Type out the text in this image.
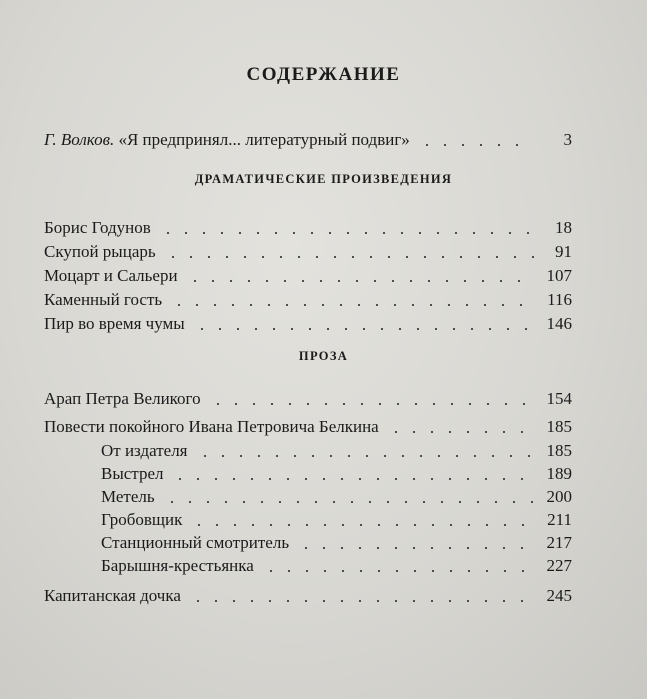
СОДЕРЖАНИЕ
Г. Волков. «Я предпринял... литературный подвиг»	3
ДРАМАТИЧЕСКИЕ ПРОИЗВЕДЕНИЯ
Борис Годунов	18
Скупой рыцарь	91
Моцарт и Сальери	107
Каменный гость	116
Пир во время чумы	146
ПРОЗА
Арап Петра Великого	154
Повести покойного Ивана Петровича Белкина	185
От издателя	185
Выстрел	189
Метель	200
Гробовщик	211
Станционный смотритель	217
Барышня-крестьянка	227
Капитанская дочка	245
